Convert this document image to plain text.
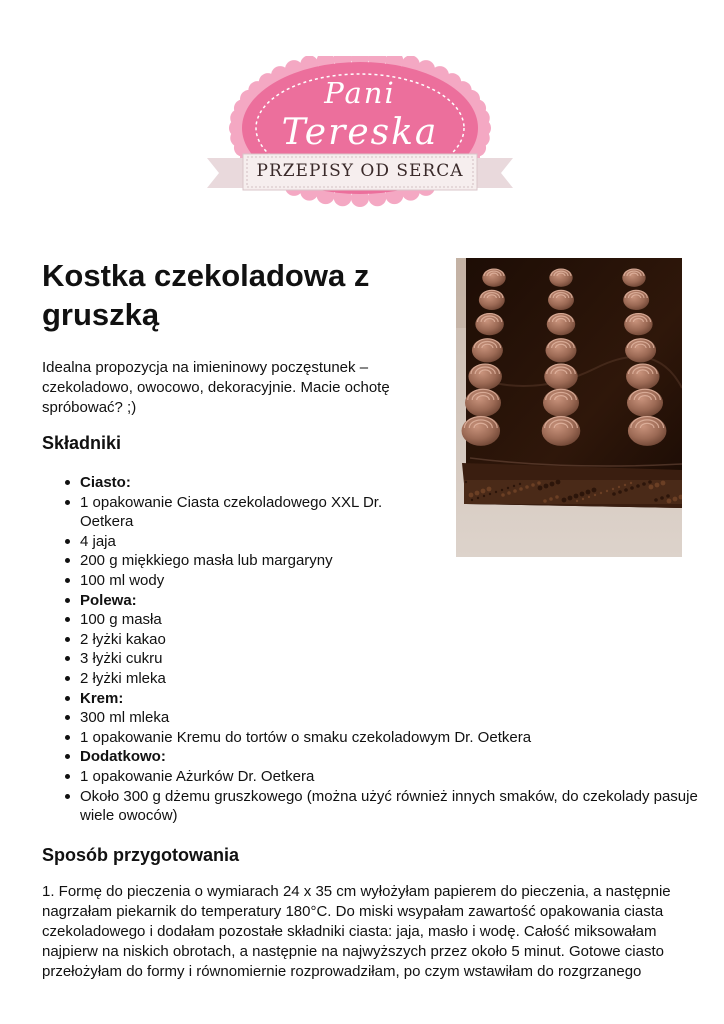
Pani
Tereska
PRZEPISY OD SERCA
Kostka czekoladowa z gruszką

Idealna propozycja na imieninowy poczęstunek – czekoladowo, owocowo, dekoracyjnie. Macie ochotę spróbować? ;)

Składniki
Ciasto:
1 opakowanie Ciasta czekoladowego XXL Dr. Oetkera
4 jaja
200 g miękkiego masła lub margaryny
100 ml wody
Polewa:
100 g masła
2 łyżki kakao
3 łyżki cukru
2 łyżki mleka
Krem:
300 ml mleka
1 opakowanie Kremu do tortów o smaku czekoladowym Dr. Oetkera
Dodatkowo:
1 opakowanie Ażurków Dr. Oetkera
Około 300 g dżemu gruszkowego (można użyć również innych smaków, do czekolady pasuje wiele owoców)
Sposób przygotowania

1. Formę do pieczenia o wymiarach 24 x 35 cm wyłożyłam papierem do pieczenia, a następnie nagrzałam piekarnik do temperatury 180°C. Do miski wsypałam zawartość opakowania ciasta czekoladowego i dodałam pozostałe składniki ciasta: jaja, masło i wodę. Całość miksowałam najpierw na niskich obrotach, a następnie na najwyższych przez około 5 minut. Gotowe ciasto przełożyłam do formy i równomiernie rozprowadziłam, po czym wstawiłam do rozgrzanego
